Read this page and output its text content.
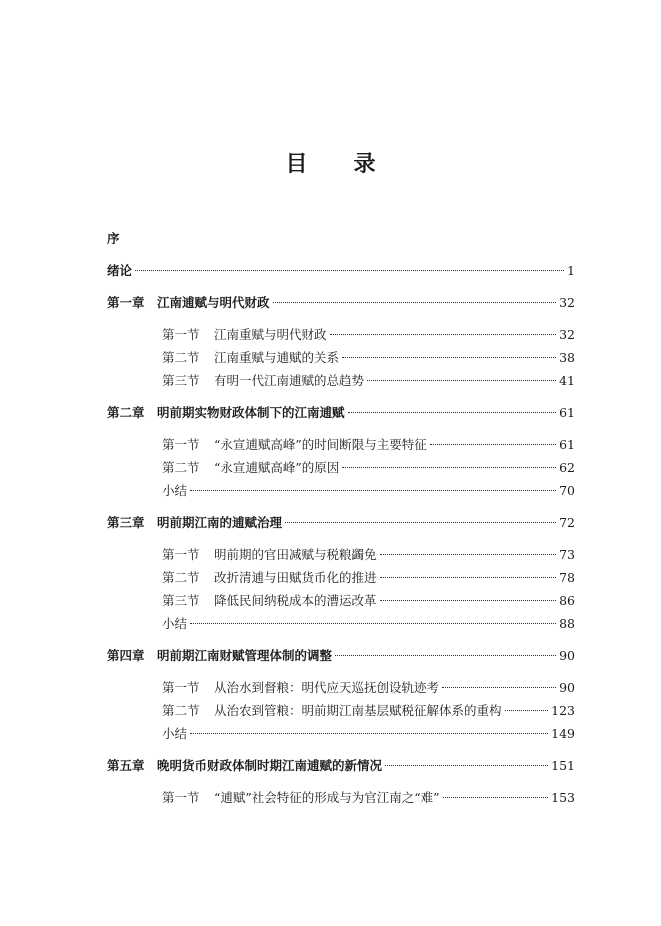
目 录
序
绪论	1
第一章 江南逋赋与明代财政	32
第一节	江南重赋与明代财政	32
第二节	江南重赋与逋赋的关系	38
第三节	有明一代江南逋赋的总趋势	41
第二章 明前期实物财政体制下的江南逋赋	61
第一节	“永宣逋赋高峰”的时间断限与主要特征	61
第二节	“永宣逋赋高峰”的原因	62
小结	70
第三章 明前期江南的逋赋治理	72
第一节	明前期的官田减赋与税粮蠲免	73
第二节	改折清逋与田赋货币化的推进	78
第三节	降低民间纳税成本的漕运改革	86
小结	88
第四章 明前期江南财赋管理体制的调整	90
第一节	从治水到督粮：明代应天巡抚创设轨迹考	90
第二节	从治农到管粮：明前期江南基层赋税征解体系的重构	123
小结	149
第五章 晚明货币财政体制时期江南逋赋的新情况	151
第一节	“逋赋”社会特征的形成与为官江南之“难”	153
